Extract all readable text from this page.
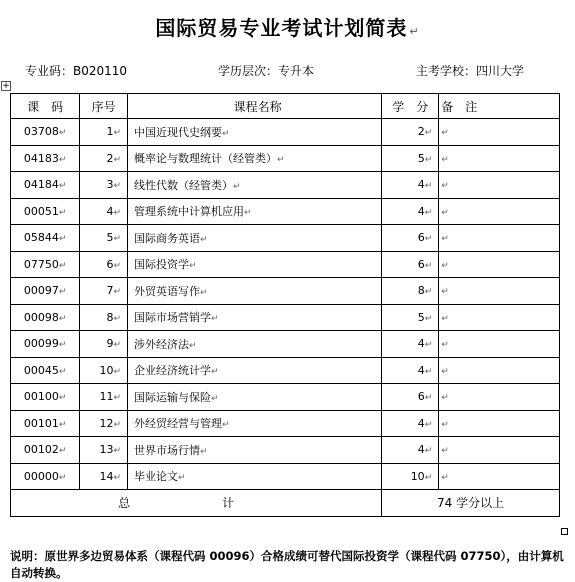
国际贸易专业考试计划简表 ↵
专业码：B020110	学历层次：专升本	主考学校：四川大学
+
课　码	序号	课程名称	学　分	备　注
03708↵	1↵	中国近现代史纲要↵	2↵	↵
04183↵	2↵	概率论与数理统计（经管类）↵	5↵	↵
04184↵	3↵	线性代数（经管类）↵	4↵	↵
00051↵	4↵	管理系统中计算机应用↵	4↵	↵
05844↵	5↵	国际商务英语↵	6↵	↵
07750↵	6↵	国际投资学↵	6↵	↵
00097↵	7↵	外贸英语写作↵	8↵	↵
00098↵	8↵	国际市场营销学↵	5↵	↵
00099↵	9↵	涉外经济法↵	4↵	↵
00045↵	10↵	企业经济统计学↵	4↵	↵
00100↵	11↵	国际运输与保险↵	6↵	↵
00101↵	12↵	外经贸经营与管理↵	4↵	↵
00102↵	13↵	世界市场行情↵	4↵	↵
00000↵	14↵	毕业论文↵	10↵	↵
总　计			74 学分以上	
说明：原世界多边贸易体系（课程代码 00096）合格成绩可替代国际投资学（课程代码 07750），由计算机自动转换。
